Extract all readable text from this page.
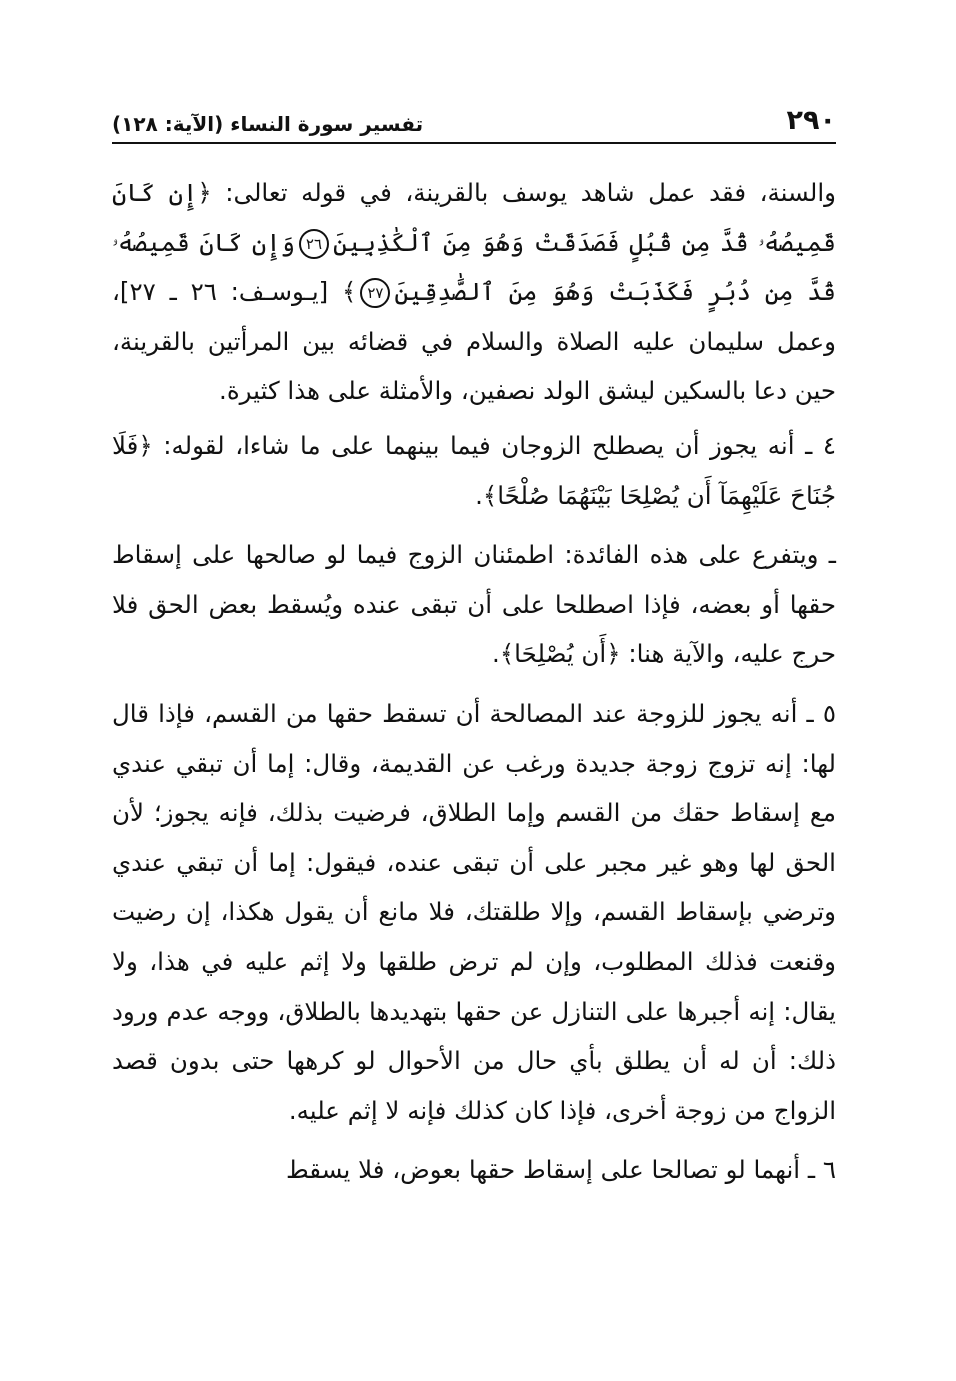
٢٩٠
تفسير سورة النساء (الآية: ١٢٨)

والسنة، فقد عمل شاهد يوسف بالقرينة، في قوله تعالى: ﴿إِن كَانَ قَمِيصُهُۥ قُدَّ مِن قُبُلٍ فَصَدَقَتْ وَهُوَ مِنَ ٱلْكَٰذِبِينَ٢٦وَإِن كَانَ قَمِيصُهُۥ قُدَّ مِن دُبُرٍ فَكَذَبَتْ وَهُوَ مِنَ ٱلصَّٰدِقِينَ٢٧﴾ [يـوسـف: ٢٦ ـ ٢٧]، وعمل سليمان عليه الصلاة والسلام في قضائه بين المرأتين بالقرينة، حين دعا بالسكين ليشق الولد نصفين، والأمثلة على هذا كثيرة.

٤ ـ أنه يجوز أن يصطلح الزوجان فيما بينهما على ما شاءا، لقوله: ﴿فَلَا جُنَاحَ عَلَيْهِمَآ أَن يُصْلِحَا بَيْنَهُمَا صُلْحًا﴾.

ـ ويتفرع على هذه الفائدة: اطمئنان الزوج فيما لو صالحها على إسقاط حقها أو بعضه، فإذا اصطلحا على أن تبقى عنده ويُسقط بعض الحق فلا حرج عليه، والآية هنا: ﴿أَن يُصْلِحَا﴾.

٥ ـ أنه يجوز للزوجة عند المصالحة أن تسقط حقها من القسم، فإذا قال لها: إنه تزوج زوجة جديدة ورغب عن القديمة، وقال: إما أن تبقي عندي مع إسقاط حقك من القسم وإما الطلاق، فرضيت بذلك، فإنه يجوز؛ لأن الحق لها وهو غير مجبر على أن تبقى عنده، فيقول: إما أن تبقي عندي وترضي بإسقاط القسم، وإلا طلقتك، فلا مانع أن يقول هكذا، إن رضيت وقنعت فذلك المطلوب، وإن لم ترض طلقها ولا إثم عليه في هذا، ولا يقال: إنه أجبرها على التنازل عن حقها بتهديدها بالطلاق، ووجه عدم ورود ذلك: أن له أن يطلق بأي حال من الأحوال لو كرهها حتى بدون قصد الزواج من زوجة أخرى، فإذا كان كذلك فإنه لا إثم عليه.

٦ ـ أنهما لو تصالحا على إسقاط حقها بعوض، فلا يسقط
